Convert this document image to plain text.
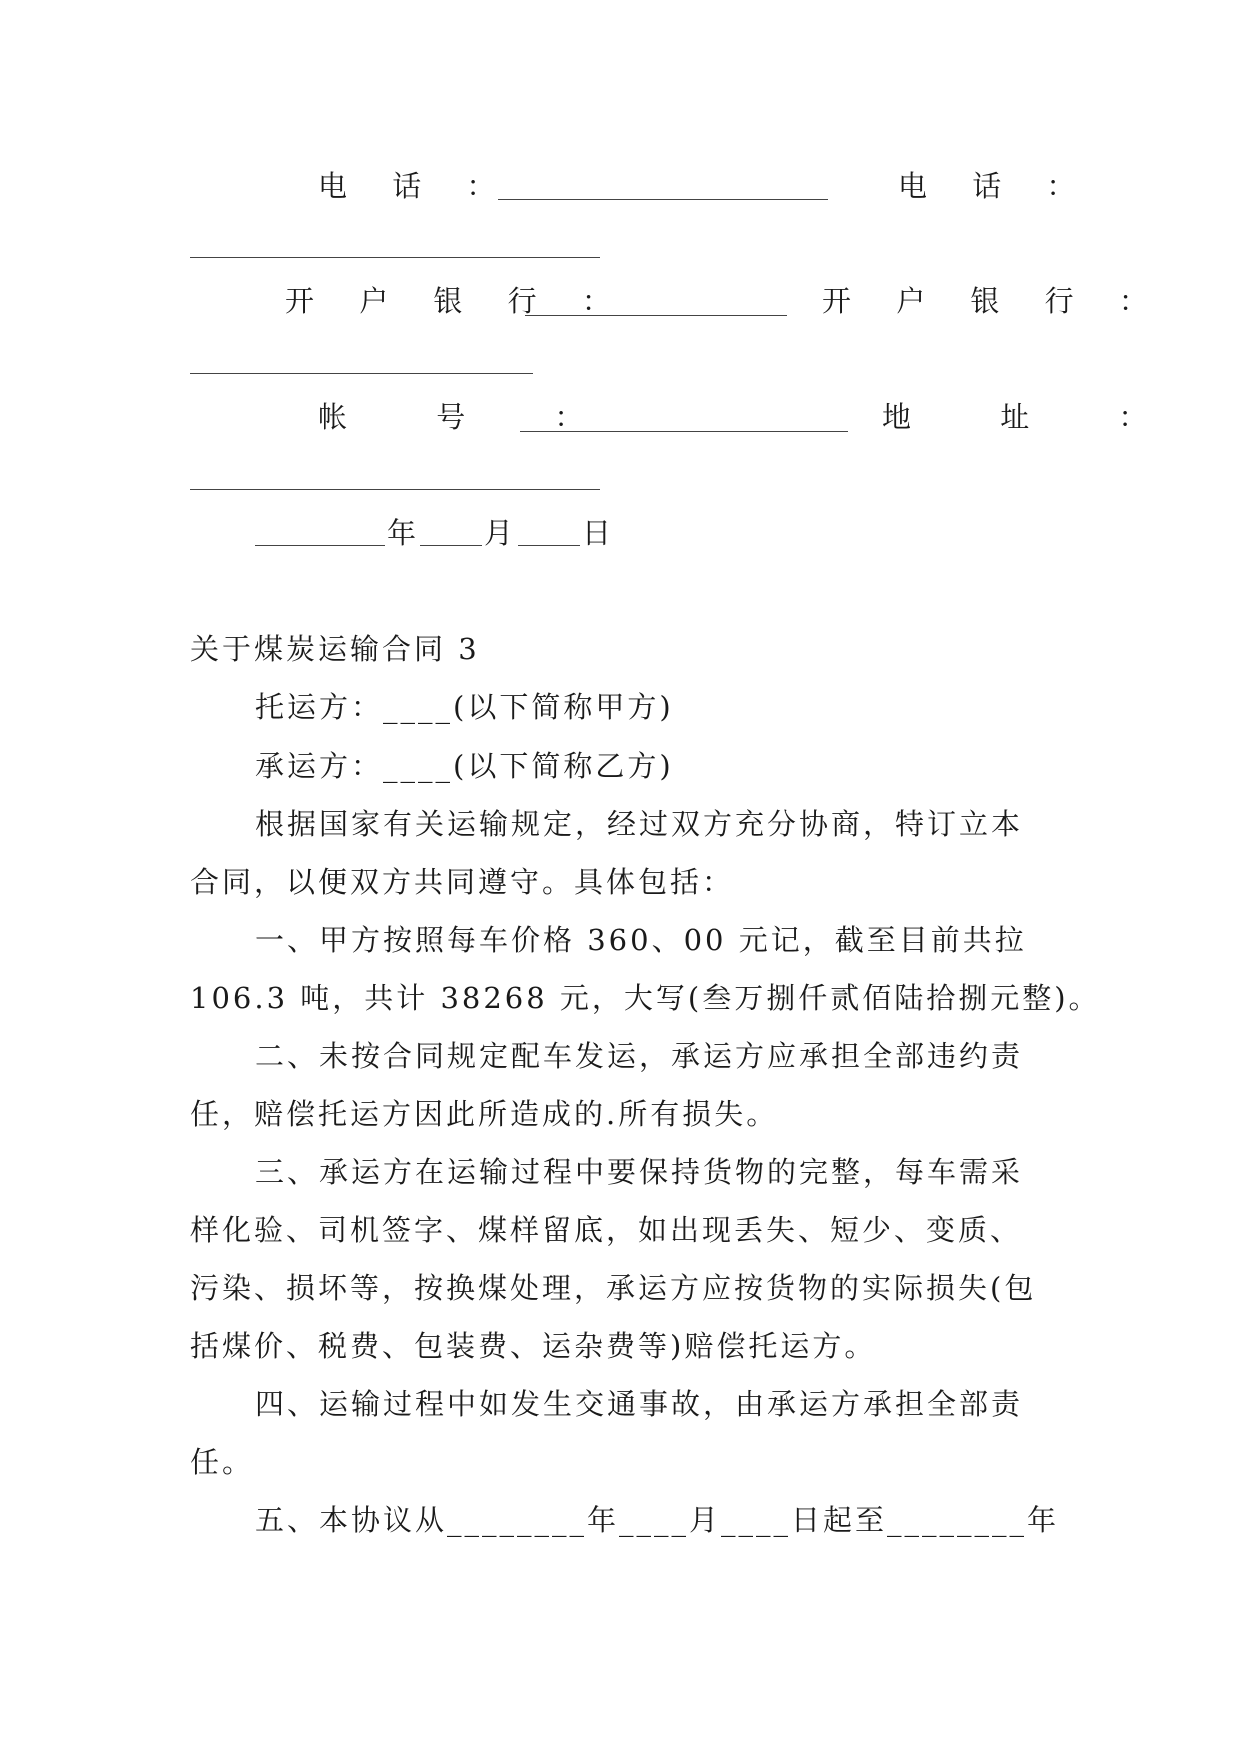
电 话 ：	电 话 ：
开 户 银 行 ：	开 户 银 行 ：
帐 号 ：	地 址 ：
年 月 日
关于煤炭运输合同 3
托运方：____(以下简称甲方)
承运方：____(以下简称乙方)
根据国家有关运输规定，经过双方充分协商，特订立本
合同，以便双方共同遵守。具体包括：
一、甲方按照每车价格 360、00 元记，截至目前共拉
106.3 吨，共计 38268 元，大写(叁万捌仟贰佰陆拾捌元整)。
二、未按合同规定配车发运，承运方应承担全部违约责
任，赔偿托运方因此所造成的.所有损失。
三、承运方在运输过程中要保持货物的完整，每车需采
样化验、司机签字、煤样留底，如出现丢失、短少、变质、
污染、损坏等，按换煤处理，承运方应按货物的实际损失(包
括煤价、税费、包装费、运杂费等)赔偿托运方。
四、运输过程中如发生交通事故，由承运方承担全部责
任。
五、本协议从________年____月____日起至________年
